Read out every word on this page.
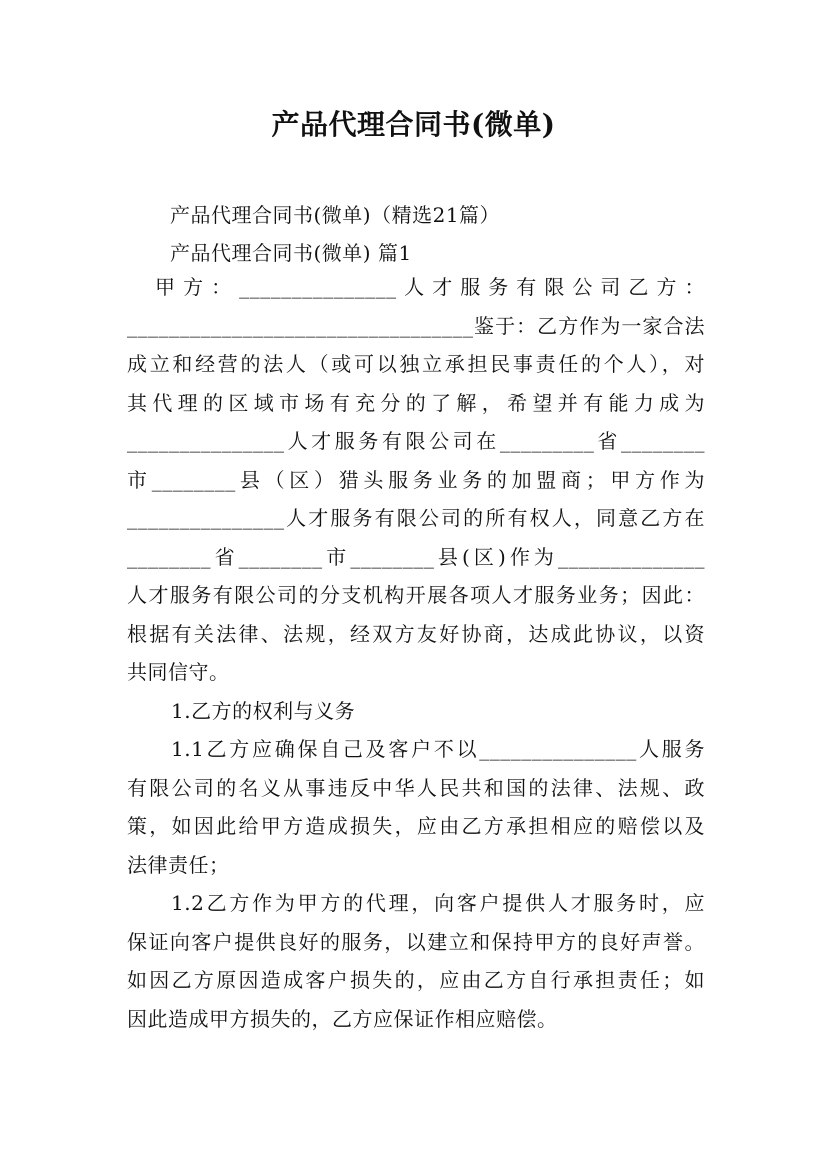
产品代理合同书(微单)
产品代理合同书(微单)（精选21篇）
产品代理合同书(微单) 篇1
　甲方：_______________人才服务有限公司乙方：
_________________________________鉴于：乙方作为一家合法
成立和经营的法人（或可以独立承担民事责任的个人），对
其代理的区域市场有充分的了解，希望并有能力成为
_______________人才服务有限公司在_________省________
市________县（区）猎头服务业务的加盟商；甲方作为
_______________人才服务有限公司的所有权人，同意乙方在
________省________市________县(区)作为______________
人才服务有限公司的分支机构开展各项人才服务业务；因此：
根据有关法律、法规，经双方友好协商，达成此协议，以资
共同信守。
1.乙方的权利与义务
1.1乙方应确保自己及客户不以_______________人服务
有限公司的名义从事违反中华人民共和国的法律、法规、政
策，如因此给甲方造成损失，应由乙方承担相应的赔偿以及
法律责任；
1.2乙方作为甲方的代理，向客户提供人才服务时，应
保证向客户提供良好的服务，以建立和保持甲方的良好声誉。
如因乙方原因造成客户损失的，应由乙方自行承担责任；如
因此造成甲方损失的，乙方应保证作相应赔偿。
